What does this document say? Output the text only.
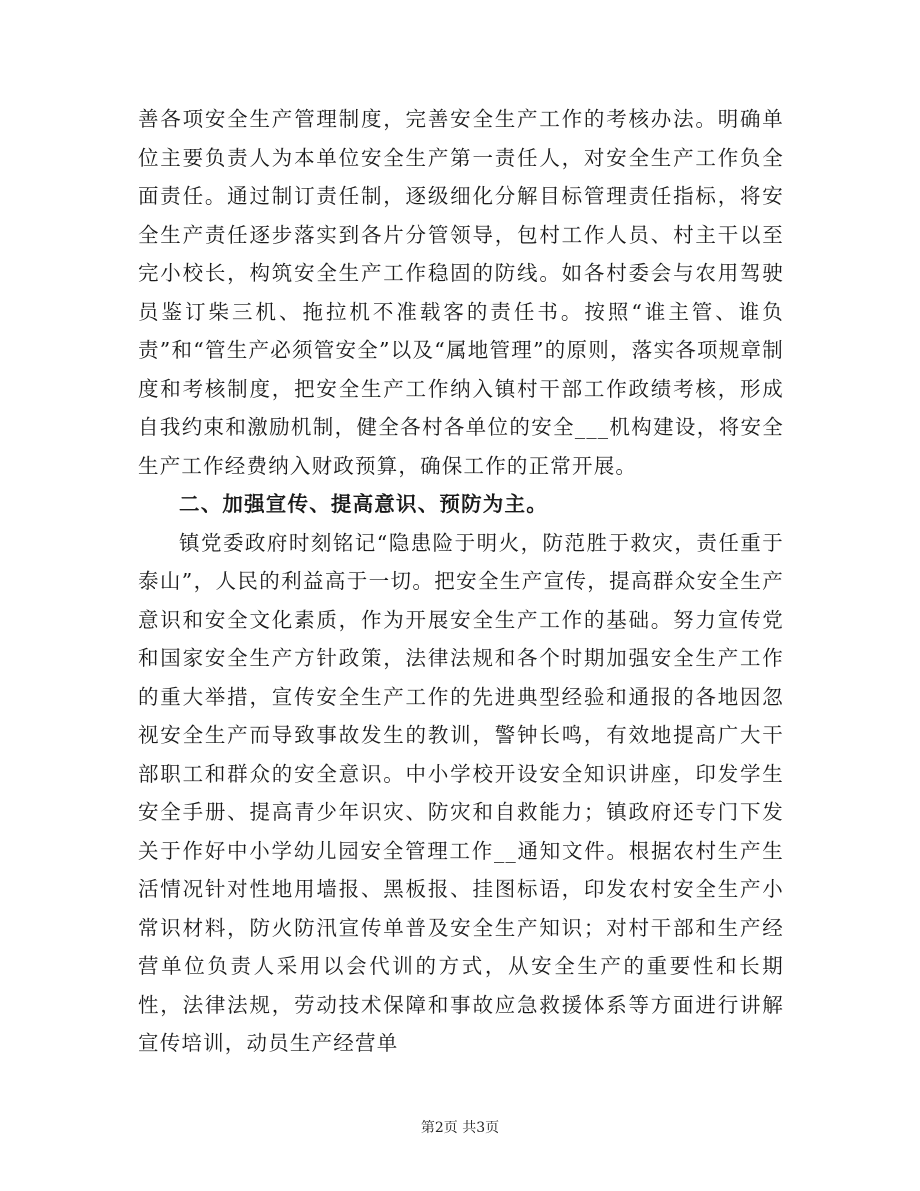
善各项安全生产管理制度，完善安全生产工作的考核办法。明确单位主要负责人为本单位安全生产第一责任人，对安全生产工作负全面责任。通过制订责任制，逐级细化分解目标管理责任指标，将安全生产责任逐步落实到各片分管领导，包村工作人员、村主干以至完小校长，构筑安全生产工作稳固的防线。如各村委会与农用驾驶员鉴订柴三机、拖拉机不准载客的责任书。按照“谁主管、谁负责”和“管生产必须管安全”以及“属地管理”的原则，落实各项规章制度和考核制度，把安全生产工作纳入镇村干部工作政绩考核，形成自我约束和激励机制，健全各村各单位的安全___机构建设，将安全生产工作经费纳入财政预算，确保工作的正常开展。

二、加强宣传、提高意识、预防为主。

镇党委政府时刻铭记“隐患险于明火，防范胜于救灾，责任重于泰山”，人民的利益高于一切。把安全生产宣传，提高群众安全生产意识和安全文化素质，作为开展安全生产工作的基础。努力宣传党和国家安全生产方针政策，法律法规和各个时期加强安全生产工作的重大举措，宣传安全生产工作的先进典型经验和通报的各地因忽视安全生产而导致事故发生的教训，警钟长鸣，有效地提高广大干部职工和群众的安全意识。中小学校开设安全知识讲座，印发学生安全手册、提高青少年识灾、防灾和自救能力；镇政府还专门下发关于作好中小学幼儿园安全管理工作__通知文件。根据农村生产生活情况针对性地用墙报、黑板报、挂图标语，印发农村安全生产小常识材料，防火防汛宣传单普及安全生产知识；对村干部和生产经营单位负责人采用以会代训的方式，从安全生产的重要性和长期性，法律法规，劳动技术保障和事故应急救援体系等方面进行讲解宣传培训，动员生产经营单

第2页 共3页
